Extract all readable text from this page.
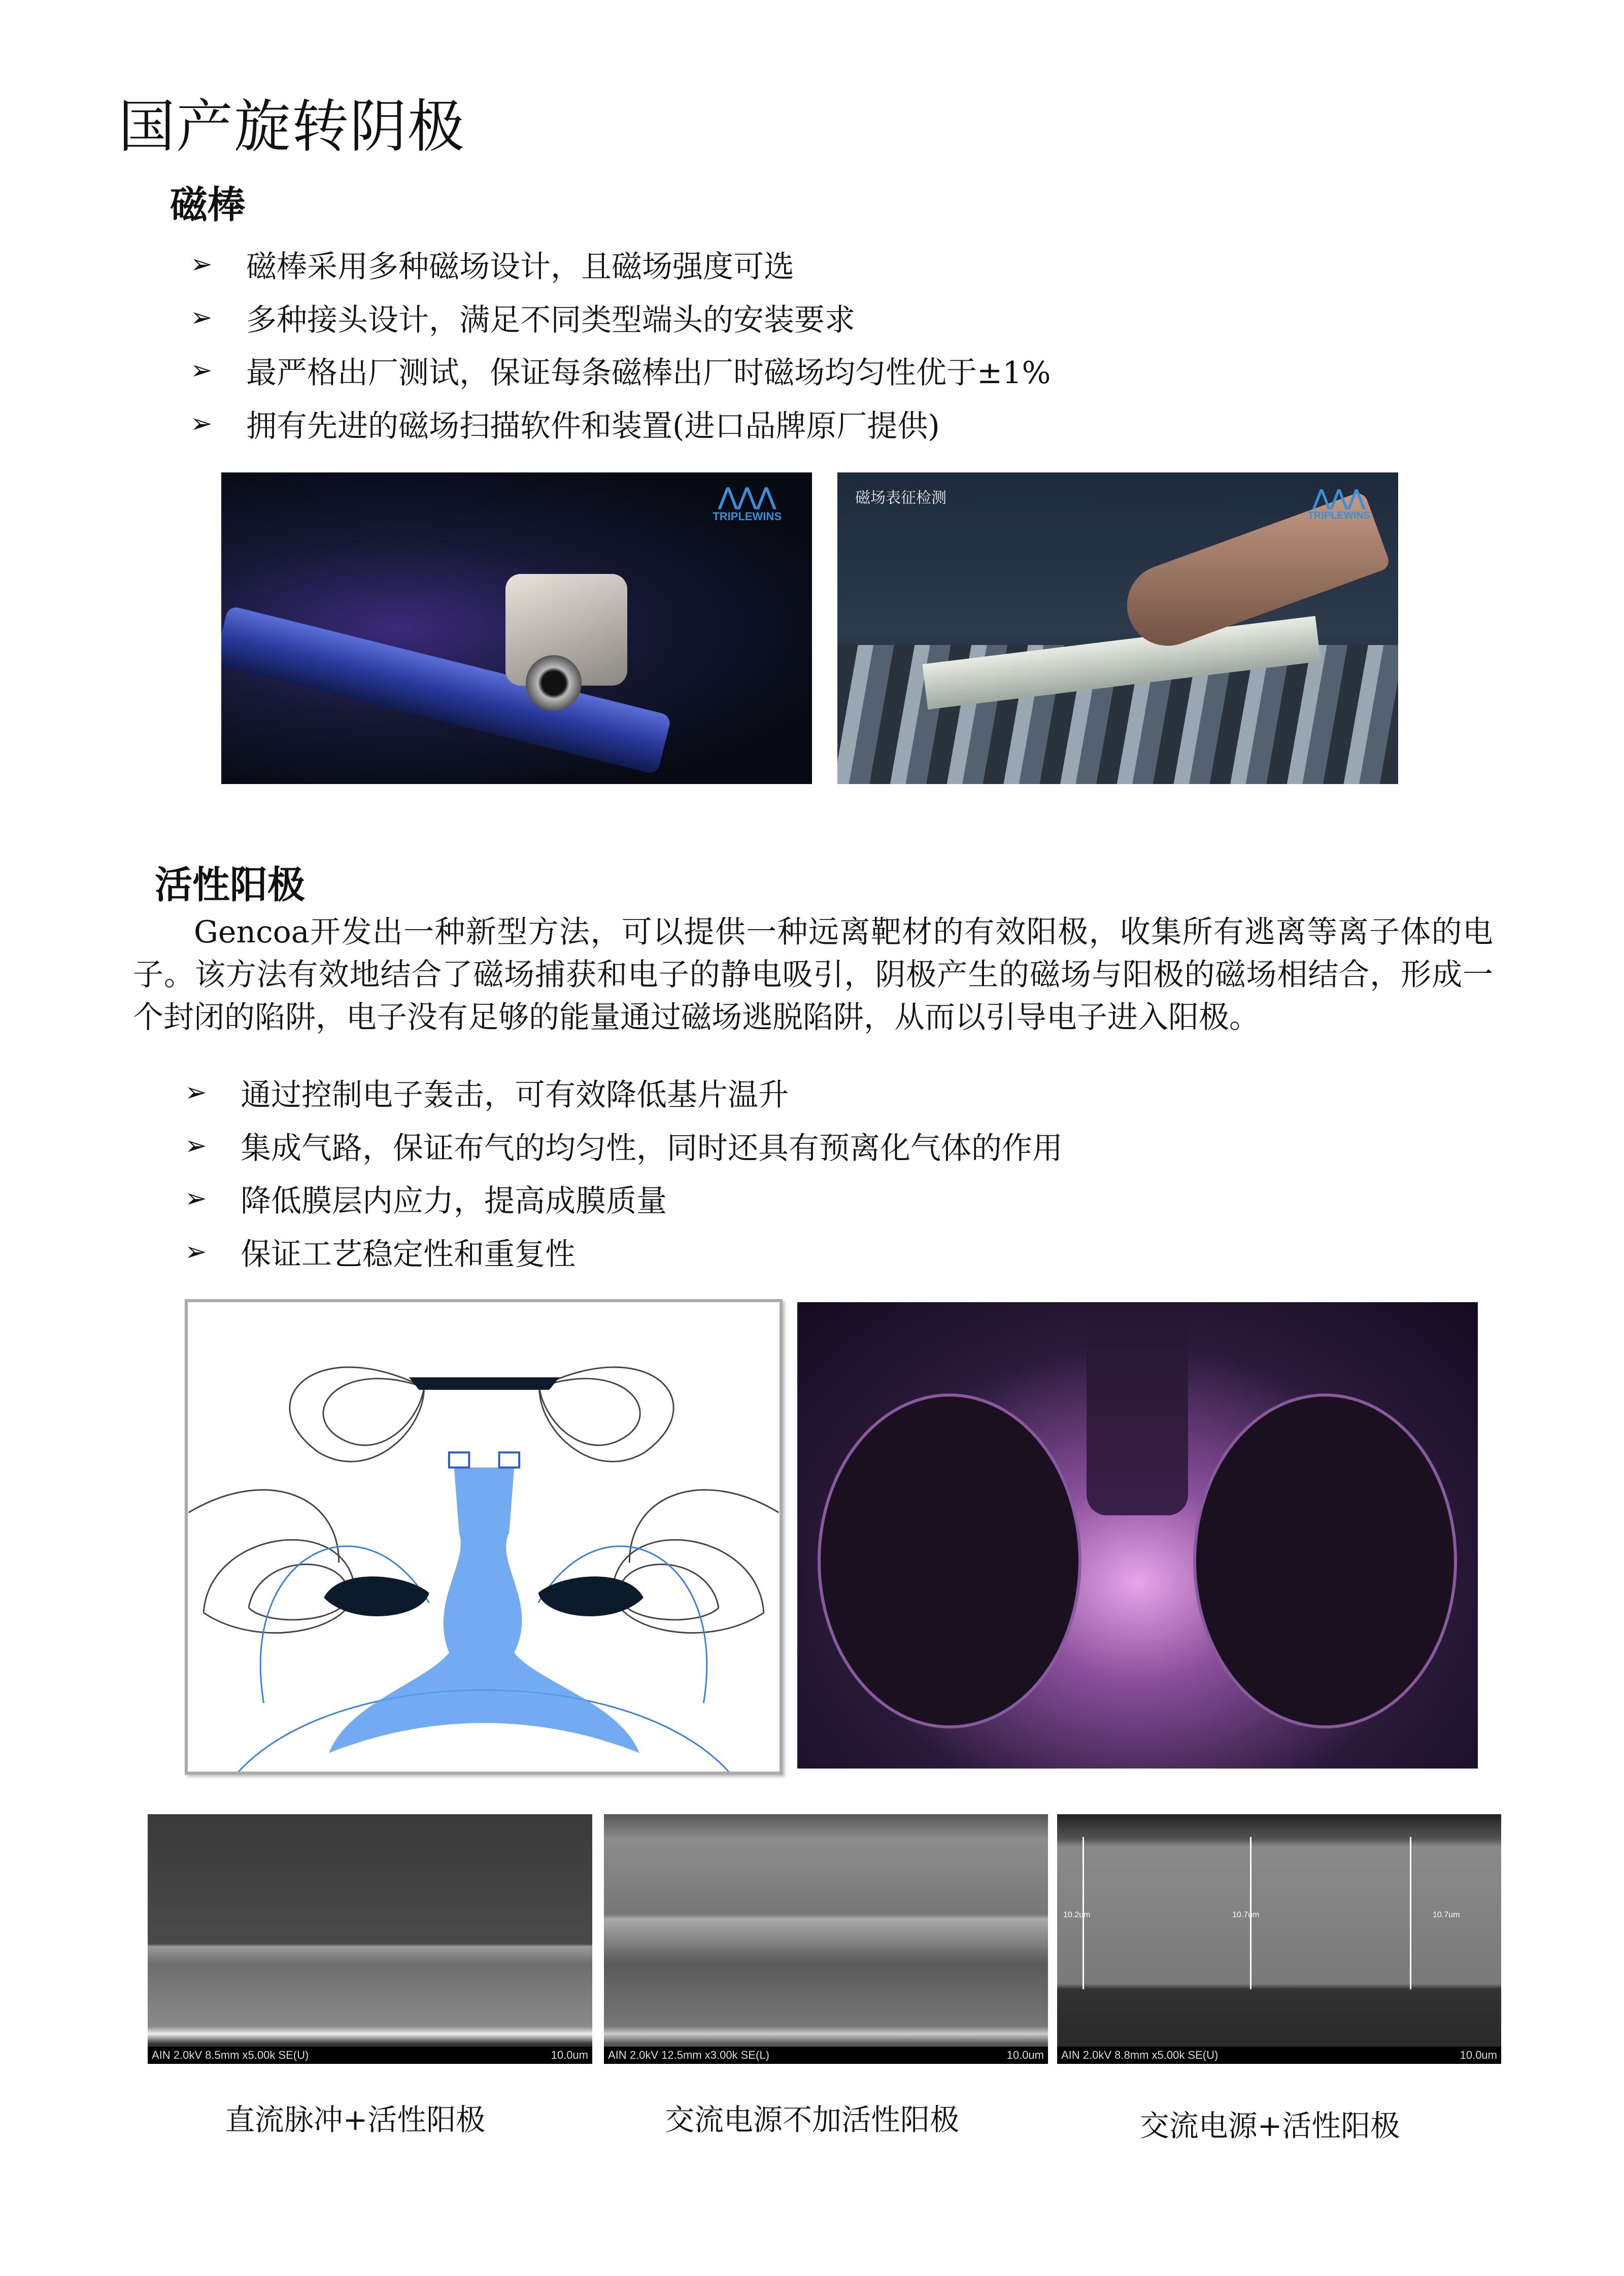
国产旋转阴极
磁棒
➢	磁棒采用多种磁场设计，且磁场强度可选
➢	多种接头设计，满足不同类型端头的安装要求
➢	最严格出厂测试，保证每条磁棒出厂时磁场均匀性优于±1%
➢	拥有先进的磁场扫描软件和装置(进口品牌原厂提供)
⋀⋀⋀
TRIPLEWINS
磁场表征检测	⋀⋀⋀
TRIPLEWINS
活性阳极
Gencoa开发出一种新型方法，可以提供一种远离靶材的有效阳极，收集所有逃离等离子体的电子。该方法有效地结合了磁场捕获和电子的静电吸引，阴极产生的磁场与阳极的磁场相结合，形成一个封闭的陷阱，电子没有足够的能量通过磁场逃脱陷阱，从而以引导电子进入阳极。
➢	通过控制电子轰击，可有效降低基片温升
➢	集成气路，保证布气的均匀性，同时还具有预离化气体的作用
➢	降低膜层内应力，提高成膜质量
➢	保证工艺稳定性和重复性
AIN 2.0kV 8.5mm x5.00k SE(U)	10.0um AIN 2.0kV 12.5mm x3.00k SE(L)	10.0um
10.2um	10.7um	10.7um
AIN 2.0kV 8.8mm x5.00k SE(U)	10.0um
直流脉冲+活性阳极	交流电源不加活性阳极	交流电源+活性阳极
